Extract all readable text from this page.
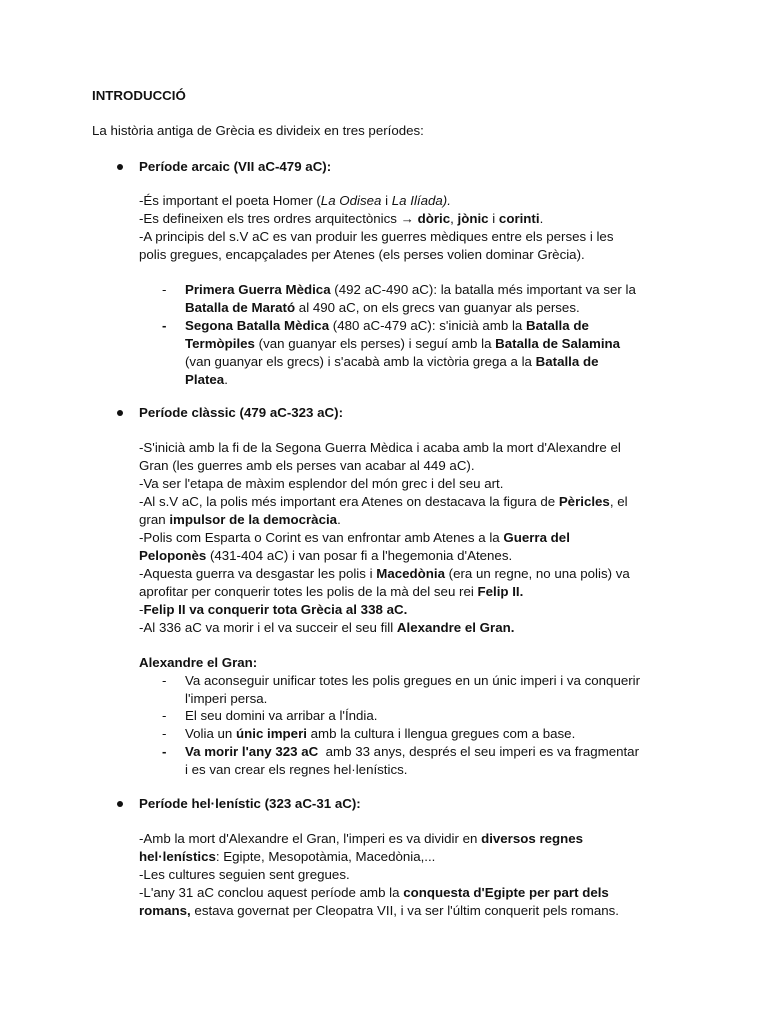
INTRODUCCIÓ
La història antiga de Grècia es divideix en tres períodes:
Període arcaic (VII aC-479 aC):
-És important el poeta Homer (La Odisea i La Ilíada).
-Es defineixen els tres ordres arquitectònics → dòric, jònic i corinti.
-A principis del s.V aC es van produir les guerres mèdiques entre els perses i les
polis gregues, encapçalades per Atenes (els perses volien dominar Grècia).
- Primera Guerra Mèdica (492 aC-490 aC): la batalla més important va ser la
Batalla de Marató al 490 aC, on els grecs van guanyar als perses.
- Segona Batalla Mèdica (480 aC-479 aC): s'inicià amb la Batalla de
Termòpiles (van guanyar els perses) i seguí amb la Batalla de Salamina
(van guanyar els grecs) i s'acabà amb la victòria grega a la Batalla de
Platea.
Període clàssic (479 aC-323 aC):
-S'inicià amb la fi de la Segona Guerra Mèdica i acaba amb la mort d'Alexandre el
Gran (les guerres amb els perses van acabar al 449 aC).
-Va ser l'etapa de màxim esplendor del món grec i del seu art.
-Al s.V aC, la polis més important era Atenes on destacava la figura de Pèricles, el
gran impulsor de la democràcia.
-Polis com Esparta o Corint es van enfrontar amb Atenes a la Guerra del
Peloponès (431-404 aC) i van posar fi a l'hegemonia d'Atenes.
-Aquesta guerra va desgastar les polis i Macedònia (era un regne, no una polis) va
aprofitar per conquerir totes les polis de la mà del seu rei Felip II.
-Felip II va conquerir tota Grècia al 338 aC.
-Al 336 aC va morir i el va succeir el seu fill Alexandre el Gran.
Alexandre el Gran:
- Va aconseguir unificar totes les polis gregues en un únic imperi i va conquerir
l'imperi persa.
- El seu domini va arribar a l'Índia.
- Volia un únic imperi amb la cultura i llengua gregues com a base.
- Va morir l'any 323 aC  amb 33 anys, després el seu imperi es va fragmentar
i es van crear els regnes hel·lenístics.
Període hel·lenístic (323 aC-31 aC):
-Amb la mort d'Alexandre el Gran, l'imperi es va dividir en diversos regnes
hel·lenístics: Egipte, Mesopotàmia, Macedònia,...
-Les cultures seguien sent gregues.
-L'any 31 aC conclou aquest període amb la conquesta d'Egipte per part dels
romans, estava governat per Cleopatra VII, i va ser l'últim conquerit pels romans.
